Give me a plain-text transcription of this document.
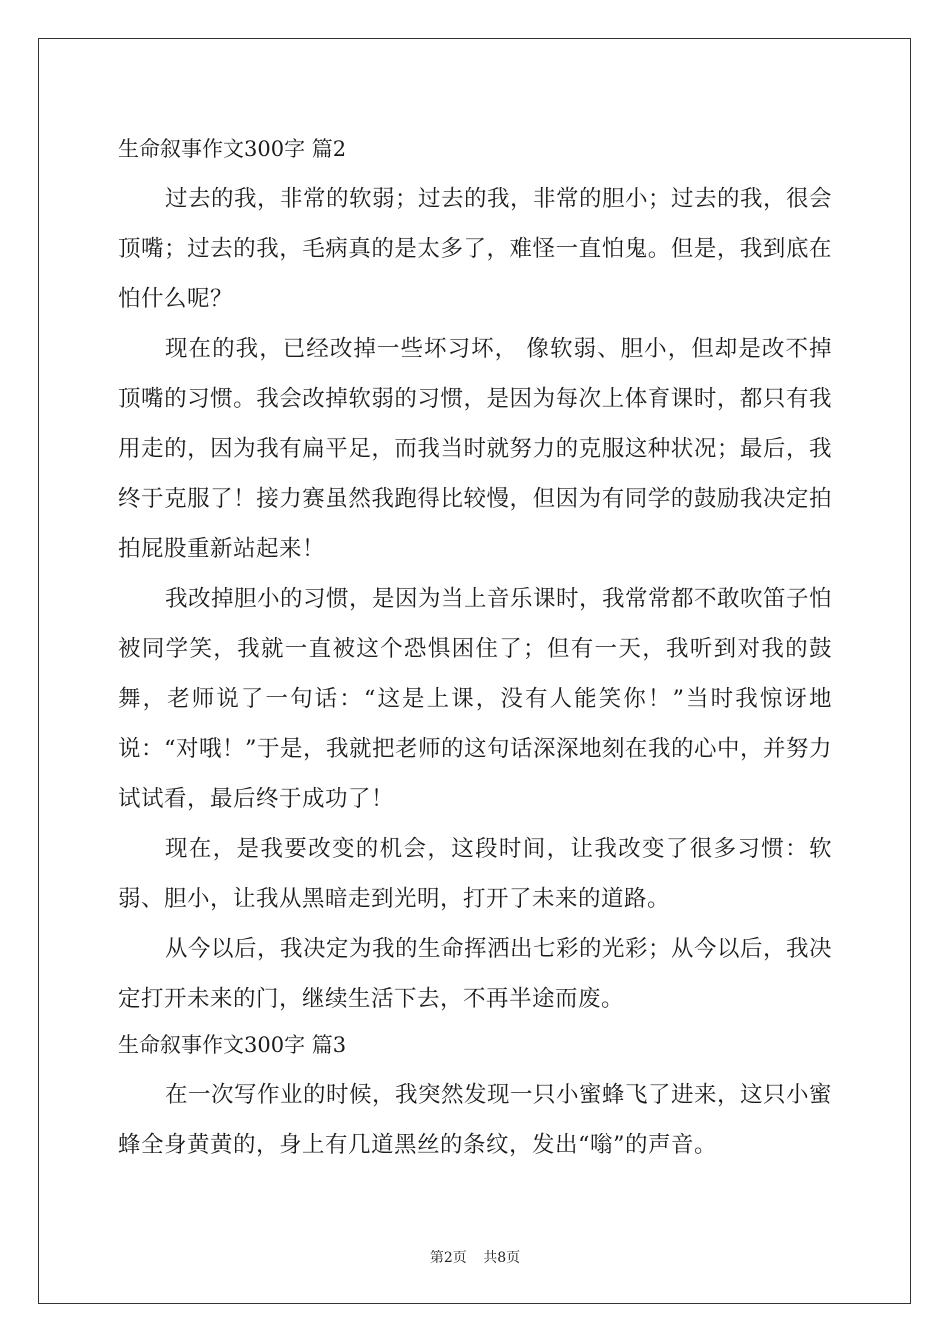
生命叙事作文300字 篇2

过去的我，非常的软弱；过去的我，非常的胆小；过去的我，很会顶嘴；过去的我，毛病真的是太多了，难怪一直怕鬼。但是，我到底在怕什么呢？

现在的我，已经改掉一些坏习坏， 像软弱、胆小，但却是改不掉顶嘴的习惯。我会改掉软弱的习惯，是因为每次上体育课时，都只有我用走的，因为我有扁平足，而我当时就努力的克服这种状况；最后，我终于克服了！接力赛虽然我跑得比较慢，但因为有同学的鼓励我决定拍拍屁股重新站起来！

我改掉胆小的习惯，是因为当上音乐课时，我常常都不敢吹笛子怕被同学笑，我就一直被这个恐惧困住了；但有一天，我听到对我的鼓舞，老师说了一句话：“这是上课，没有人能笑你！”当时我惊讶地说：“对哦！”于是，我就把老师的这句话深深地刻在我的心中，并努力试试看，最后终于成功了！

现在，是我要改变的机会，这段时间，让我改变了很多习惯：软弱、胆小，让我从黑暗走到光明，打开了未来的道路。

从今以后，我决定为我的生命挥洒出七彩的光彩；从今以后，我决定打开未来的门，继续生活下去，不再半途而废。

生命叙事作文300字 篇3

在一次写作业的时候，我突然发现一只小蜜蜂飞了进来，这只小蜜蜂全身黄黄的，身上有几道黑丝的条纹，发出“嗡”的声音。

第2页 共8页
